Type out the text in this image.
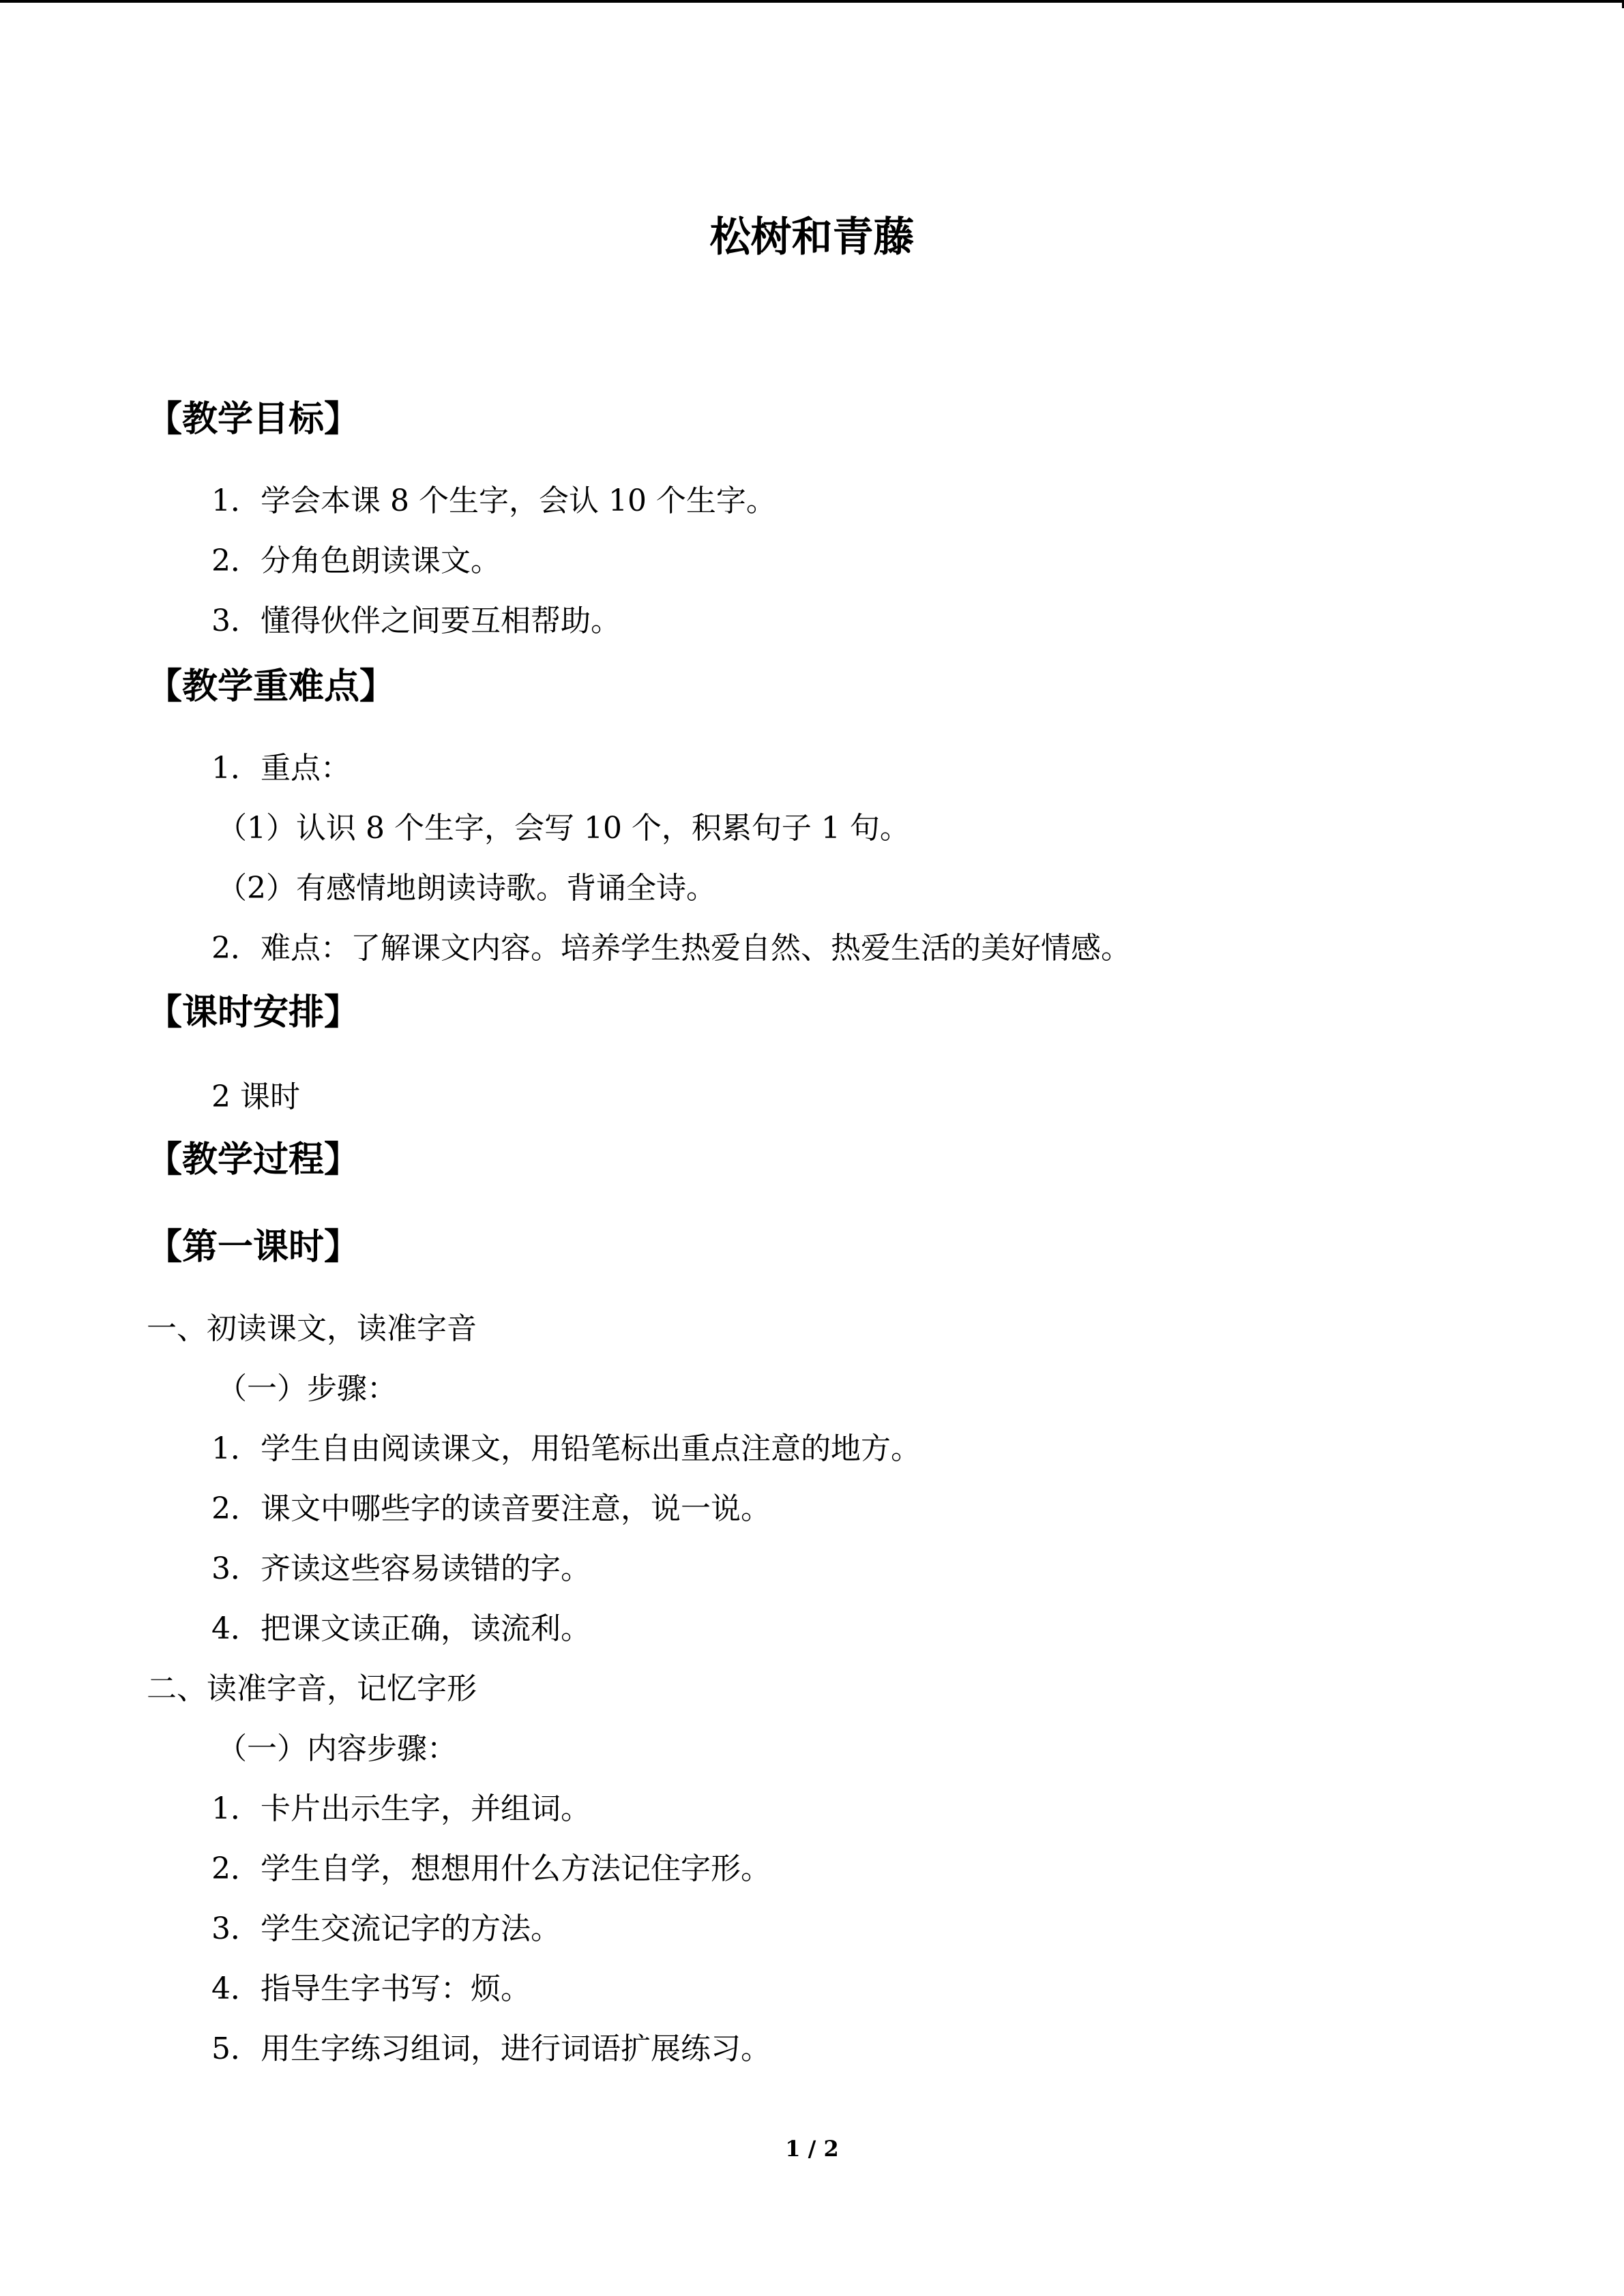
松树和青藤
【教学目标】
1．学会本课 8 个生字，会认 10 个生字。
2．分角色朗读课文。
3．懂得伙伴之间要互相帮助。
【教学重难点】
1．重点：
（1）认识 8 个生字，会写 10 个，积累句子 1 句。
（2）有感情地朗读诗歌。背诵全诗。
2．难点：了解课文内容。培养学生热爱自然、热爱生活的美好情感。
【课时安排】
2 课时
【教学过程】
【第一课时】
一、初读课文，读准字音
（一）步骤：
1．学生自由阅读课文，用铅笔标出重点注意的地方。
2．课文中哪些字的读音要注意，说一说。
3．齐读这些容易读错的字。
4．把课文读正确，读流利。
二、读准字音，记忆字形
（一）内容步骤：
1．卡片出示生字，并组词。
2．学生自学，想想用什么方法记住字形。
3．学生交流记字的方法。
4．指导生字书写：烦。
5．用生字练习组词，进行词语扩展练习。
1 / 2
